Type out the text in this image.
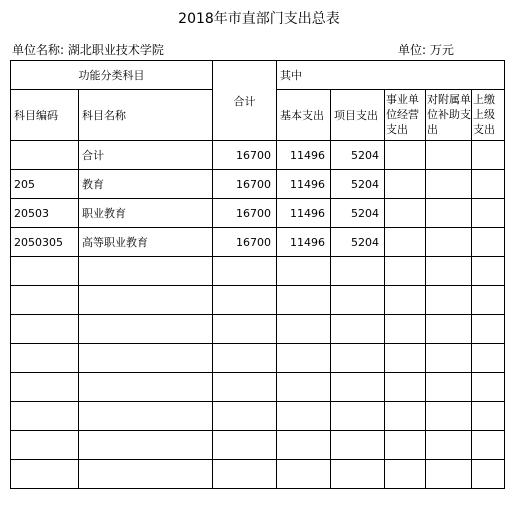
2018年市直部门支出总表
单位名称: 湖北职业技术学院	单位: 万元
功能分类科目		合计	其中				
科目编码	科目名称		基本支出	项目支出	事业单位经营支出	对附属单位补助支出	上缴上级支出
	合计	16700	11496	5204			
205	教育	16700	11496	5204			
20503	职业教育	16700	11496	5204			
2050305	高等职业教育	16700	11496	5204			
